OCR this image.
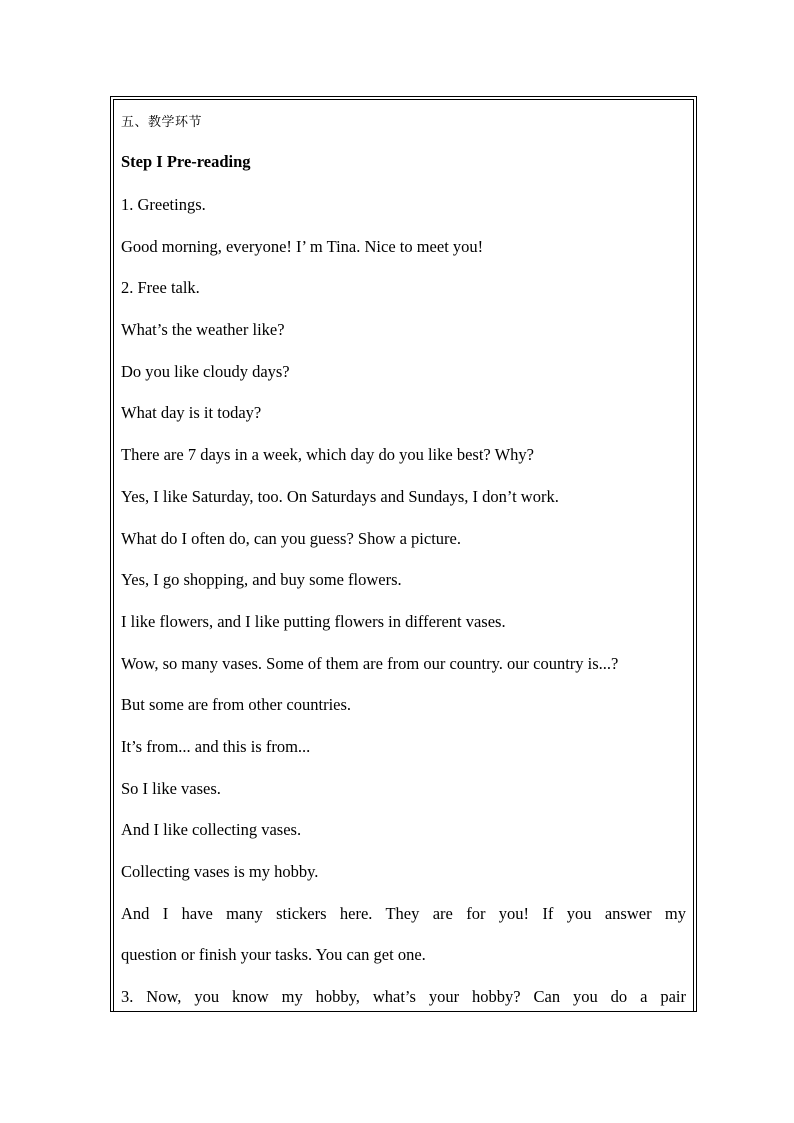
五、教学环节

Step I Pre-reading

1. Greetings.

Good morning, everyone! I’ m Tina. Nice to meet you!

2. Free talk.

What’s the weather like?

Do you like cloudy days?

What day is it today?

There are 7 days in a week, which day do you like best? Why?

Yes, I like Saturday, too. On Saturdays and Sundays, I don’t work.

What do I often do, can you guess? Show a picture.

Yes, I go shopping, and buy some flowers.

I like flowers, and I like putting flowers in different vases.

Wow, so many vases. Some of them are from our country. our country is...?

But some are from other countries.

It’s from... and this is from...

So I like vases.

And I like collecting vases.

Collecting vases is my hobby.

And I have many stickers here. They are for you! If you answer my

question or finish your tasks. You can get one.

3. Now, you know my hobby, what’s your hobby? Can you do a pair
